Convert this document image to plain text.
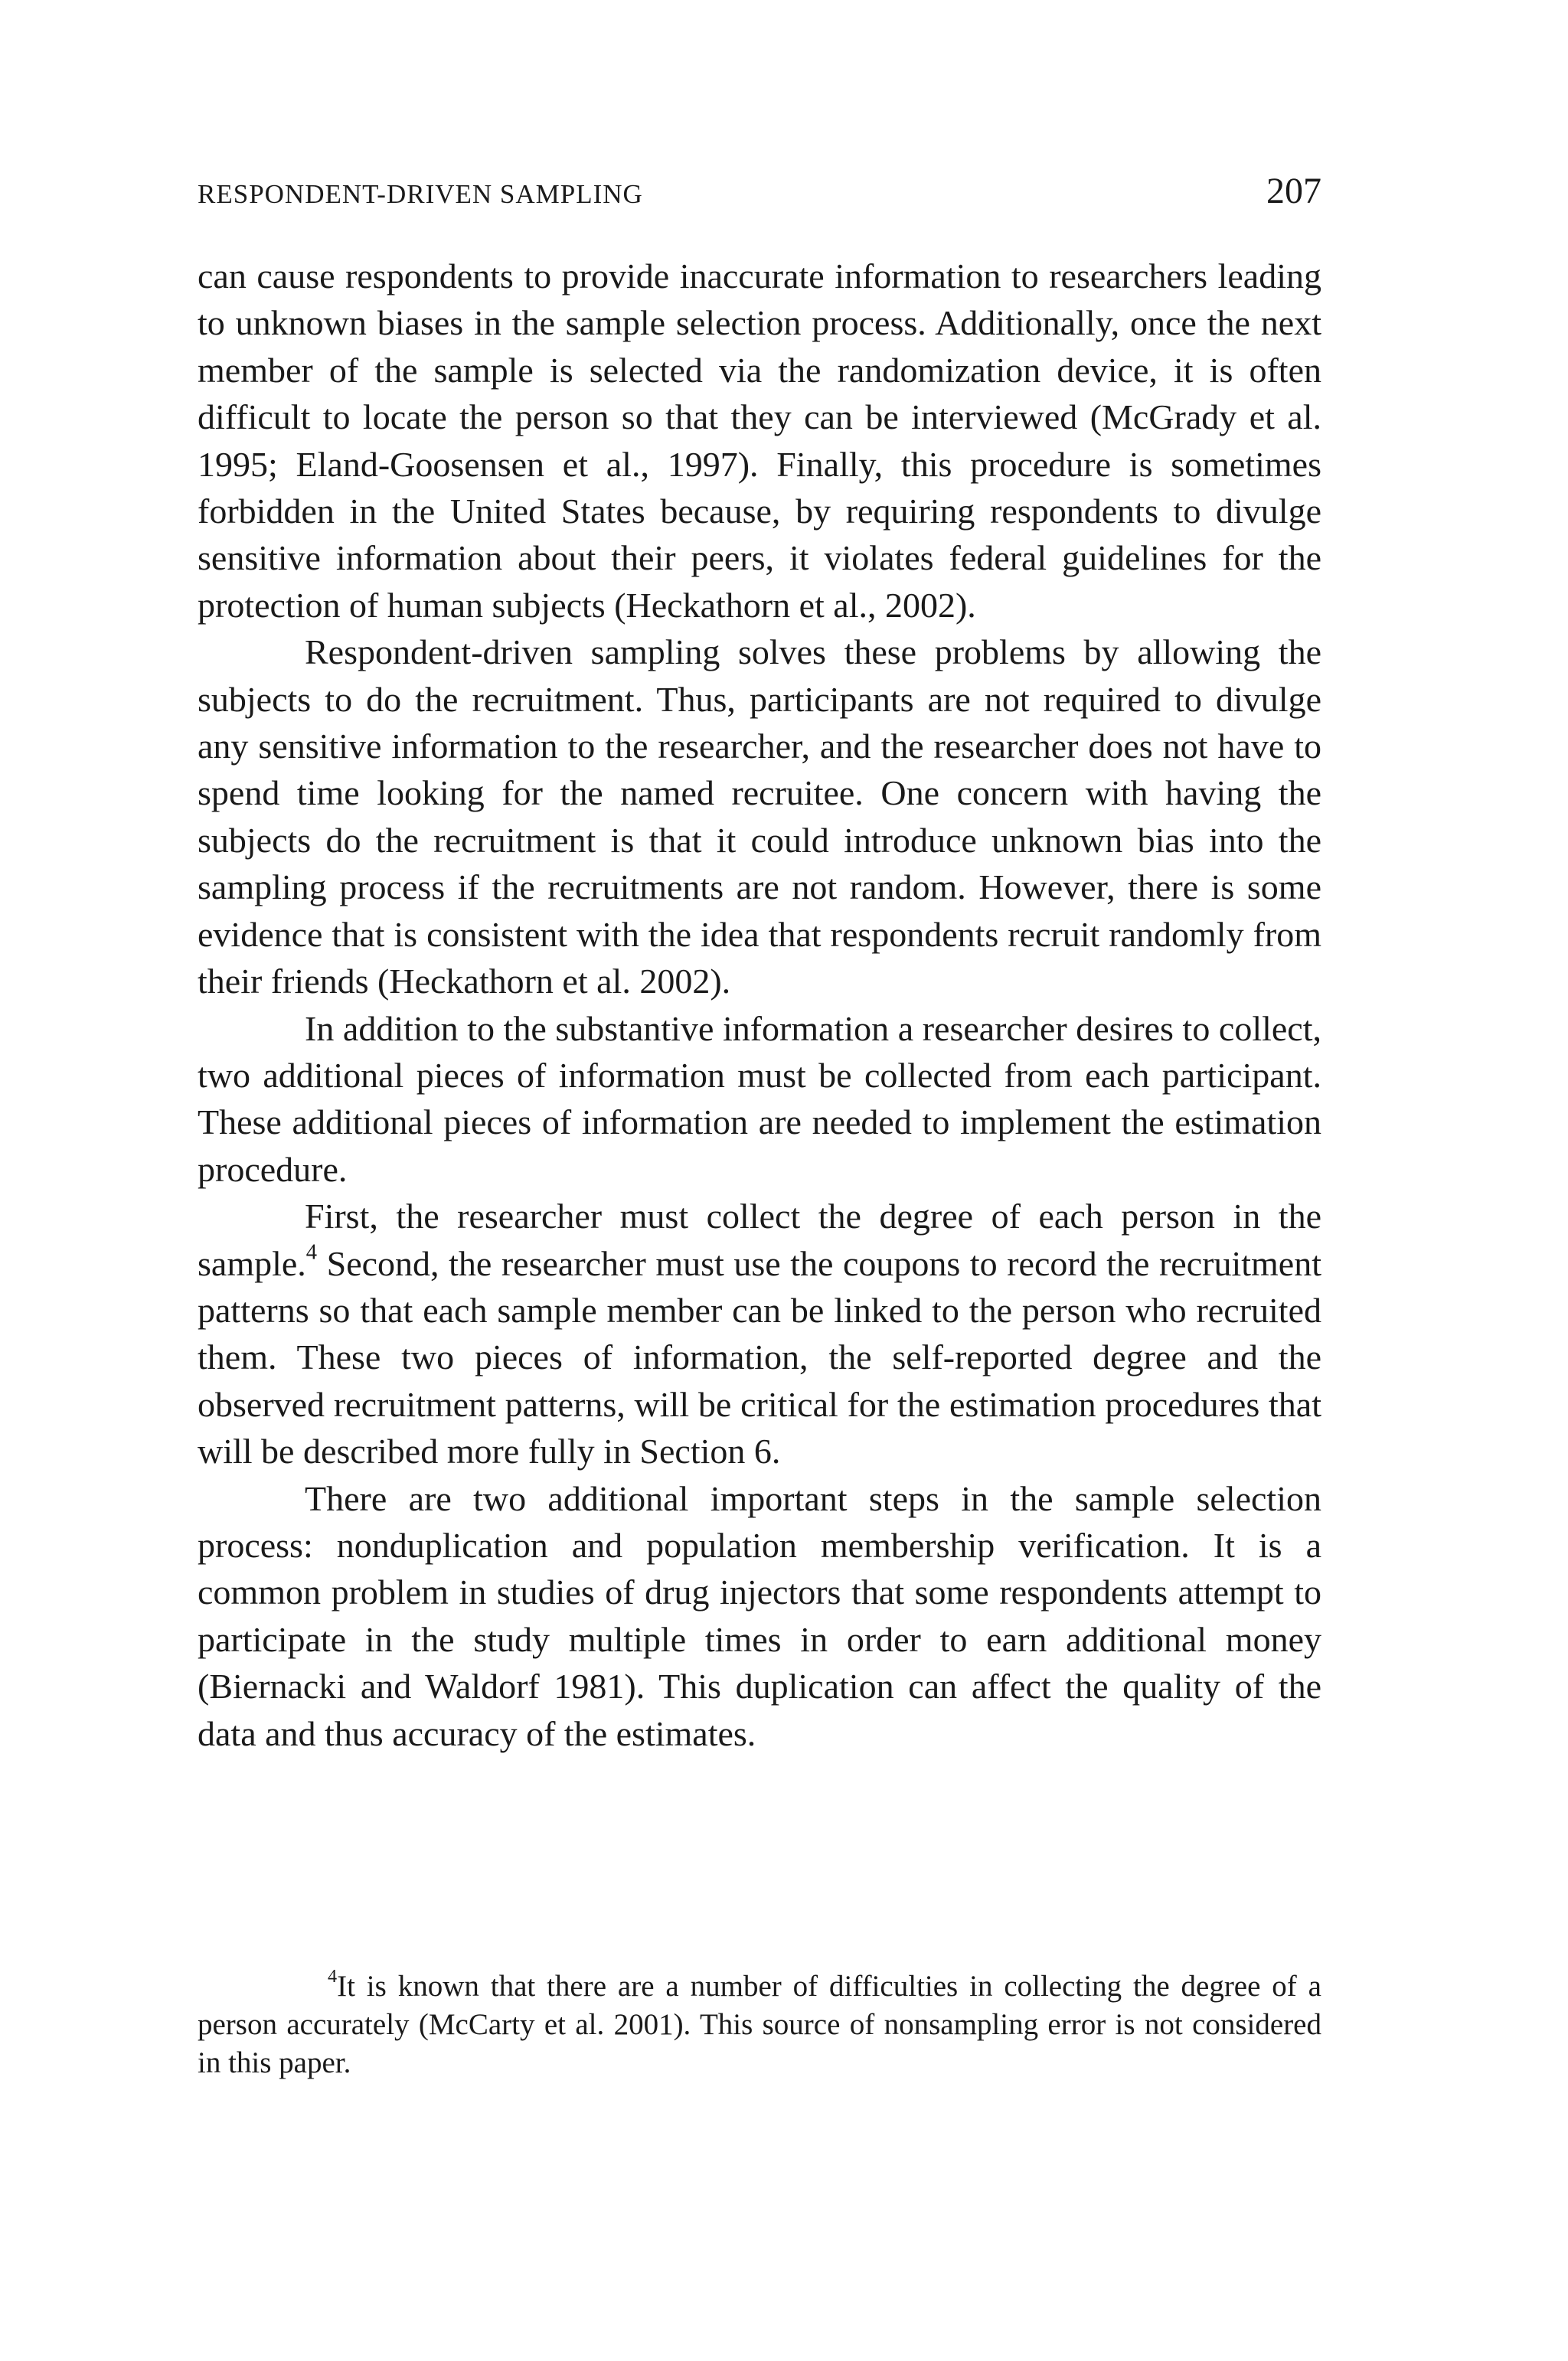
RESPONDENT-DRIVEN SAMPLING	207

can cause respondents to provide inaccurate information to researchers leading to unknown biases in the sample selection process. Additionally, once the next member of the sample is selected via the randomization device, it is often difficult to locate the person so that they can be interviewed (McGrady et al. 1995; Eland-Goosensen et al., 1997). Finally, this procedure is sometimes forbidden in the United States because, by requiring respondents to divulge sensitive information about their peers, it violates federal guidelines for the protection of human subjects (Heckathorn et al., 2002).

Respondent-driven sampling solves these problems by allowing the subjects to do the recruitment. Thus, participants are not required to divulge any sensitive information to the researcher, and the researcher does not have to spend time looking for the named recruitee. One concern with having the subjects do the recruitment is that it could introduce unknown bias into the sampling process if the recruitments are not random. However, there is some evidence that is consistent with the idea that respondents recruit randomly from their friends (Heckathorn et al. 2002).

In addition to the substantive information a researcher desires to collect, two additional pieces of information must be collected from each participant. These additional pieces of information are needed to implement the estimation procedure.

First, the researcher must collect the degree of each person in the sample.$^4$ Second, the researcher must use the coupons to record the recruitment patterns so that each sample member can be linked to the person who recruited them. These two pieces of information, the self-reported degree and the observed recruitment patterns, will be critical for the estimation procedures that will be described more fully in Section 6.

There are two additional important steps in the sample selection process: nonduplication and population membership verification. It is a common problem in studies of drug injectors that some respondents attempt to participate in the study multiple times in order to earn additional money (Biernacki and Waldorf 1981). This duplication can affect the quality of the data and thus accuracy of the estimates.

$^4$It is known that there are a number of difficulties in collecting the degree of a person accurately (McCarty et al. 2001). This source of nonsampling error is not considered in this paper.
